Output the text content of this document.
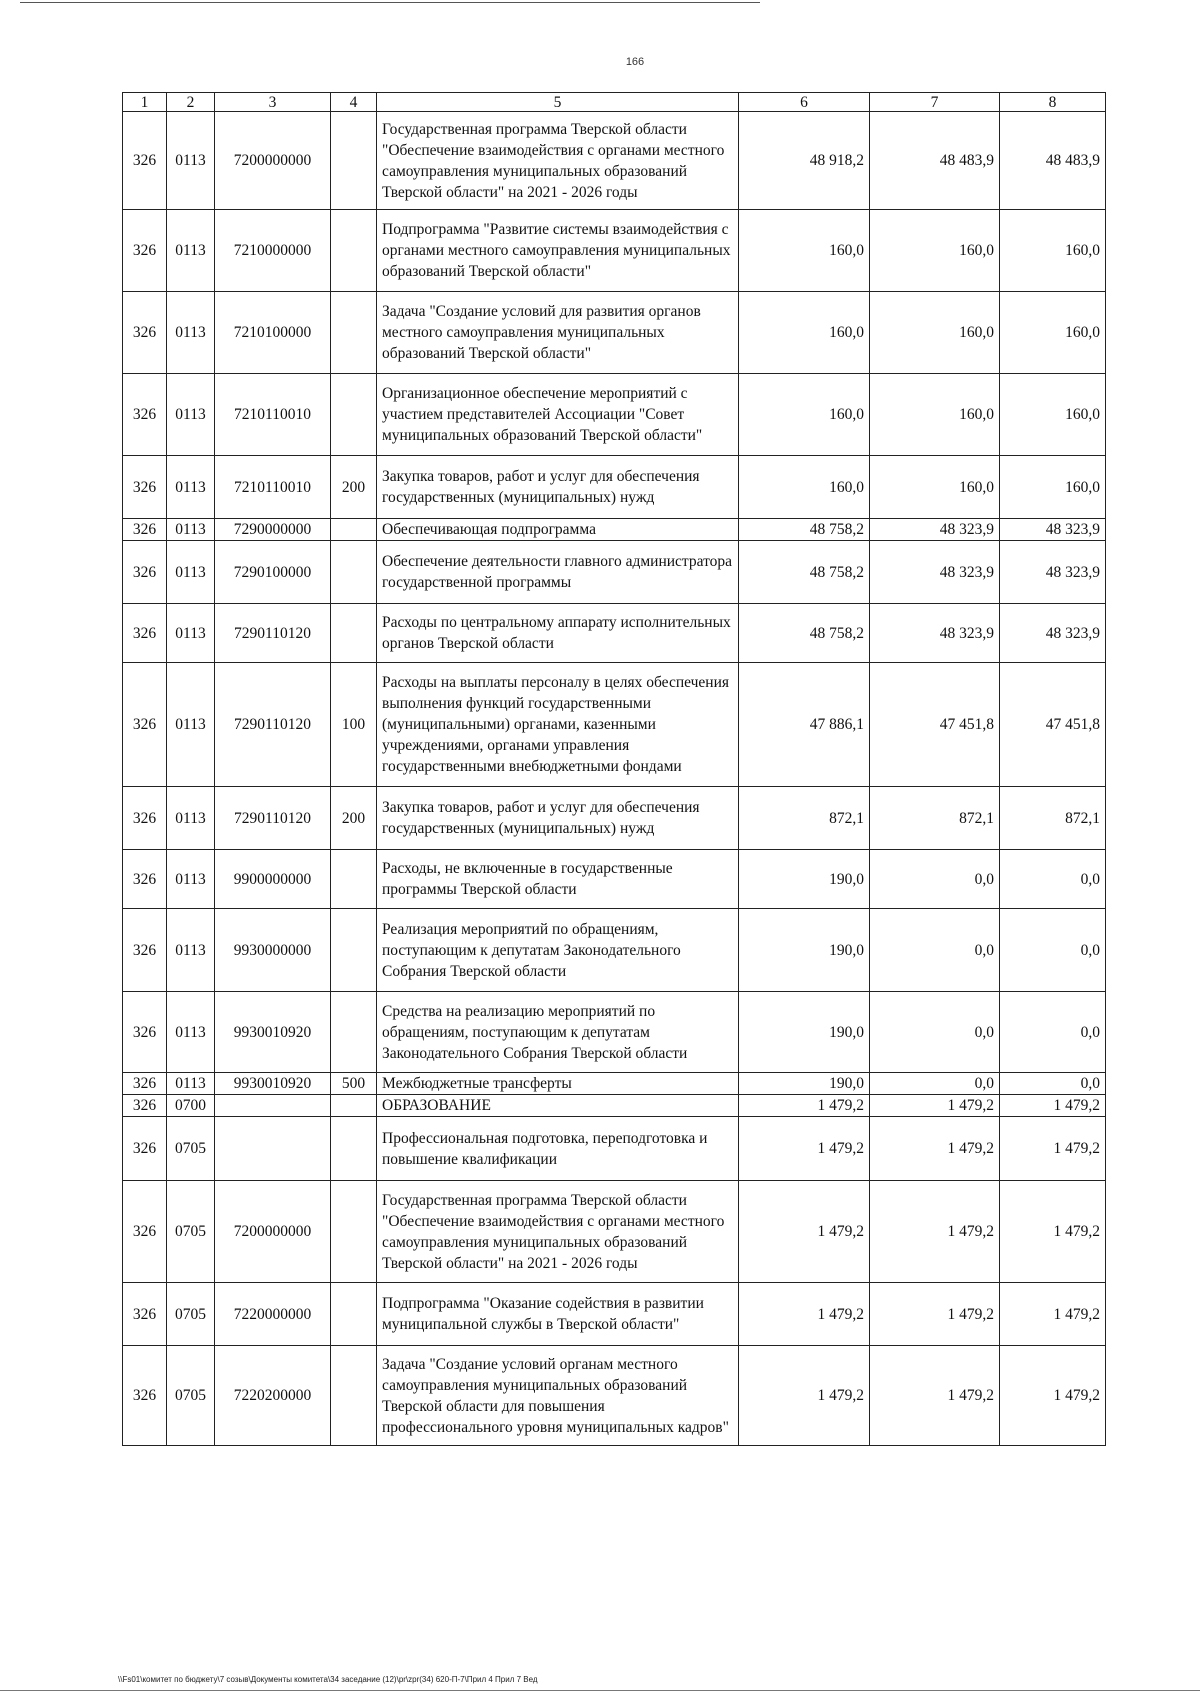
166
1	2	3	4	5	6	7	8
326	0113	7200000000		Государственная программа Тверской области "Обеспечение взаимодействия с органами местного самоуправления муниципальных образований Тверской области" на 2021 - 2026 годы	48 918,2	48 483,9	48 483,9
326	0113	7210000000		Подпрограмма "Развитие системы взаимодействия с органами местного самоуправления муниципальных образований Тверской области"	160,0	160,0	160,0
326	0113	7210100000		Задача "Создание условий для развития органов местного самоуправления муниципальных образований Тверской области"	160,0	160,0	160,0
326	0113	7210110010		Организационное обеспечение мероприятий с участием представителей Ассоциации "Совет муниципальных образований Тверской области"	160,0	160,0	160,0
326	0113	7210110010	200	Закупка товаров, работ и услуг для обеспечения государственных (муниципальных) нужд	160,0	160,0	160,0
326	0113	7290000000		Обеспечивающая подпрограмма	48 758,2	48 323,9	48 323,9
326	0113	7290100000		Обеспечение деятельности главного администратора государственной программы	48 758,2	48 323,9	48 323,9
326	0113	7290110120		Расходы по центральному аппарату исполнительных органов Тверской области	48 758,2	48 323,9	48 323,9
326	0113	7290110120	100	Расходы на выплаты персоналу в целях обеспечения выполнения функций государственными (муниципальными) органами, казенными учреждениями, органами управления государственными внебюджетными фондами	47 886,1	47 451,8	47 451,8
326	0113	7290110120	200	Закупка товаров, работ и услуг для обеспечения государственных (муниципальных) нужд	872,1	872,1	872,1
326	0113	9900000000		Расходы, не включенные в государственные программы Тверской области	190,0	0,0	0,0
326	0113	9930000000		Реализация мероприятий по обращениям, поступающим к депутатам Законодательного Собрания Тверской области	190,0	0,0	0,0
326	0113	9930010920		Средства на реализацию мероприятий по обращениям, поступающим к депутатам Законодательного Собрания Тверской области	190,0	0,0	0,0
326	0113	9930010920	500	Межбюджетные трансферты	190,0	0,0	0,0
326	0700			ОБРАЗОВАНИЕ	1 479,2	1 479,2	1 479,2
326	0705			Профессиональная подготовка, переподготовка и повышение квалификации	1 479,2	1 479,2	1 479,2
326	0705	7200000000		Государственная программа Тверской области "Обеспечение взаимодействия с органами местного самоуправления муниципальных образований Тверской области" на 2021 - 2026 годы	1 479,2	1 479,2	1 479,2
326	0705	7220000000		Подпрограмма "Оказание содействия в развитии муниципальной службы в Тверской области"	1 479,2	1 479,2	1 479,2
326	0705	7220200000		Задача "Создание условий органам местного самоуправления муниципальных образований Тверской области для повышения профессионального уровня муниципальных кадров"	1 479,2	1 479,2	1 479,2
\\Fs01\комитет по бюджету\7 созыв\Документы комитета\34 заседание (12)\pr\zpr(34) 620-П-7\Прил 4 Прил 7 Вед
